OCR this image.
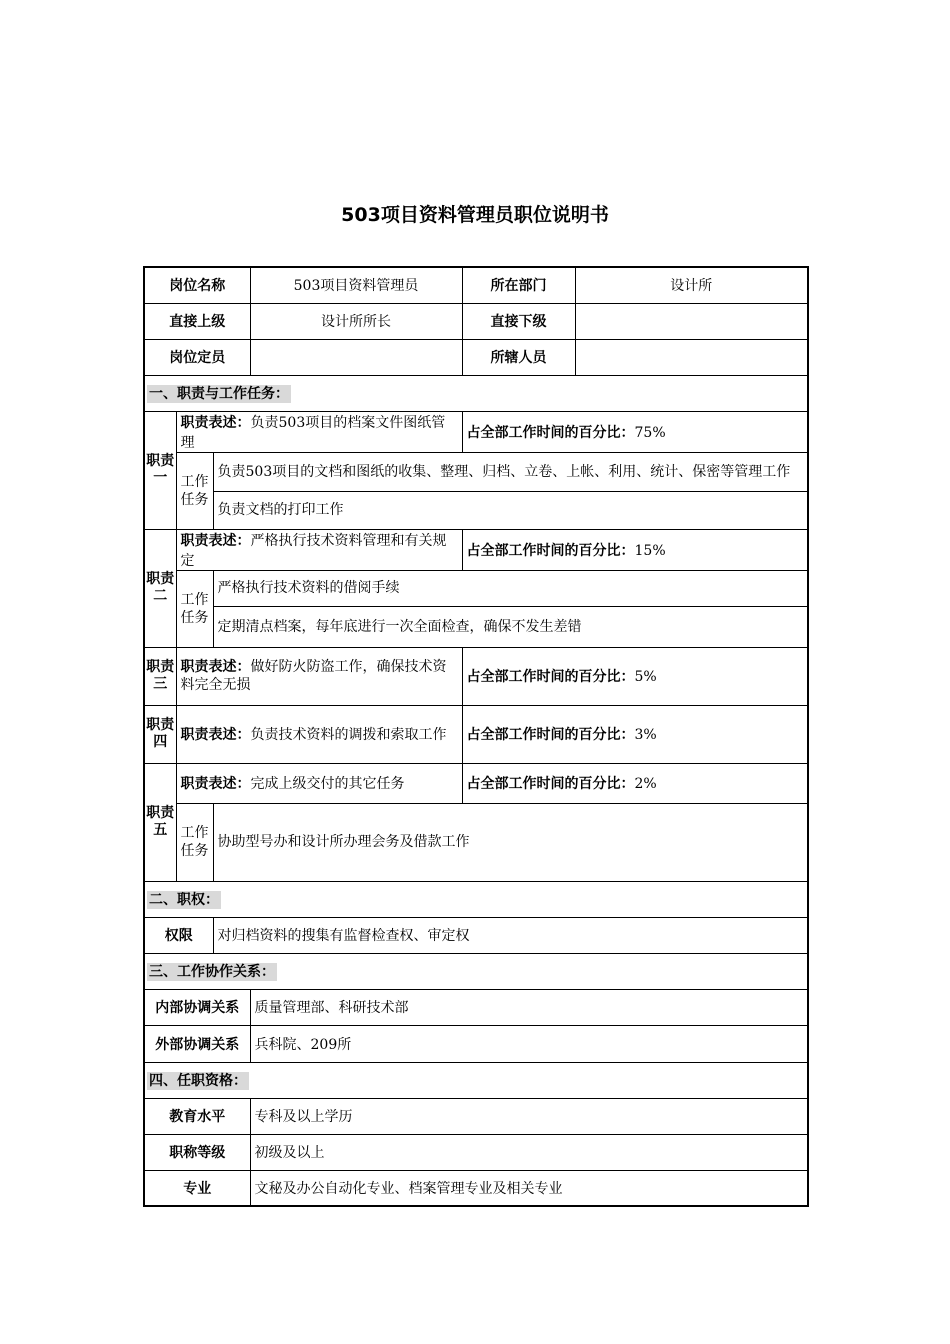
503项目资料管理员职位说明书
岗位名称			503项目资料管理员	所在部门	设计所
直接上级			设计所所长	直接下级	
岗位定员				所辖人员	
一、职责与工作任务：					
职责一	职责表述：负责503项目的档案文件图纸管理			占全部工作时间的百分比：75%	
	工作任务	负责503项目的文档和图纸的收集、整理、归档、立卷、上帐、利用、统计、保密等管理工作			
		负责文档的打印工作			
职责二	职责表述：严格执行技术资料管理和有关规定			占全部工作时间的百分比：15%	
	工作任务	严格执行技术资料的借阅手续			
		定期清点档案，每年底进行一次全面检查，确保不发生差错			
职责三	职责表述：做好防火防盗工作，确保技术资料完全无损			占全部工作时间的百分比：5%	
职责四	职责表述：负责技术资料的调拨和索取工作			占全部工作时间的百分比：3%	
职责五	职责表述：完成上级交付的其它任务			占全部工作时间的百分比：2%	
	工作任务	协助型号办和设计所办理会务及借款工作			
二、职权：					
权限		对归档资料的搜集有监督检查权、审定权			
三、工作协作关系：					
内部协调关系			质量管理部、科研技术部		
外部协调关系			兵科院、209所		
四、任职资格：					
教育水平			专科及以上学历		
职称等级			初级及以上		
专业			文秘及办公自动化专业、档案管理专业及相关专业		
